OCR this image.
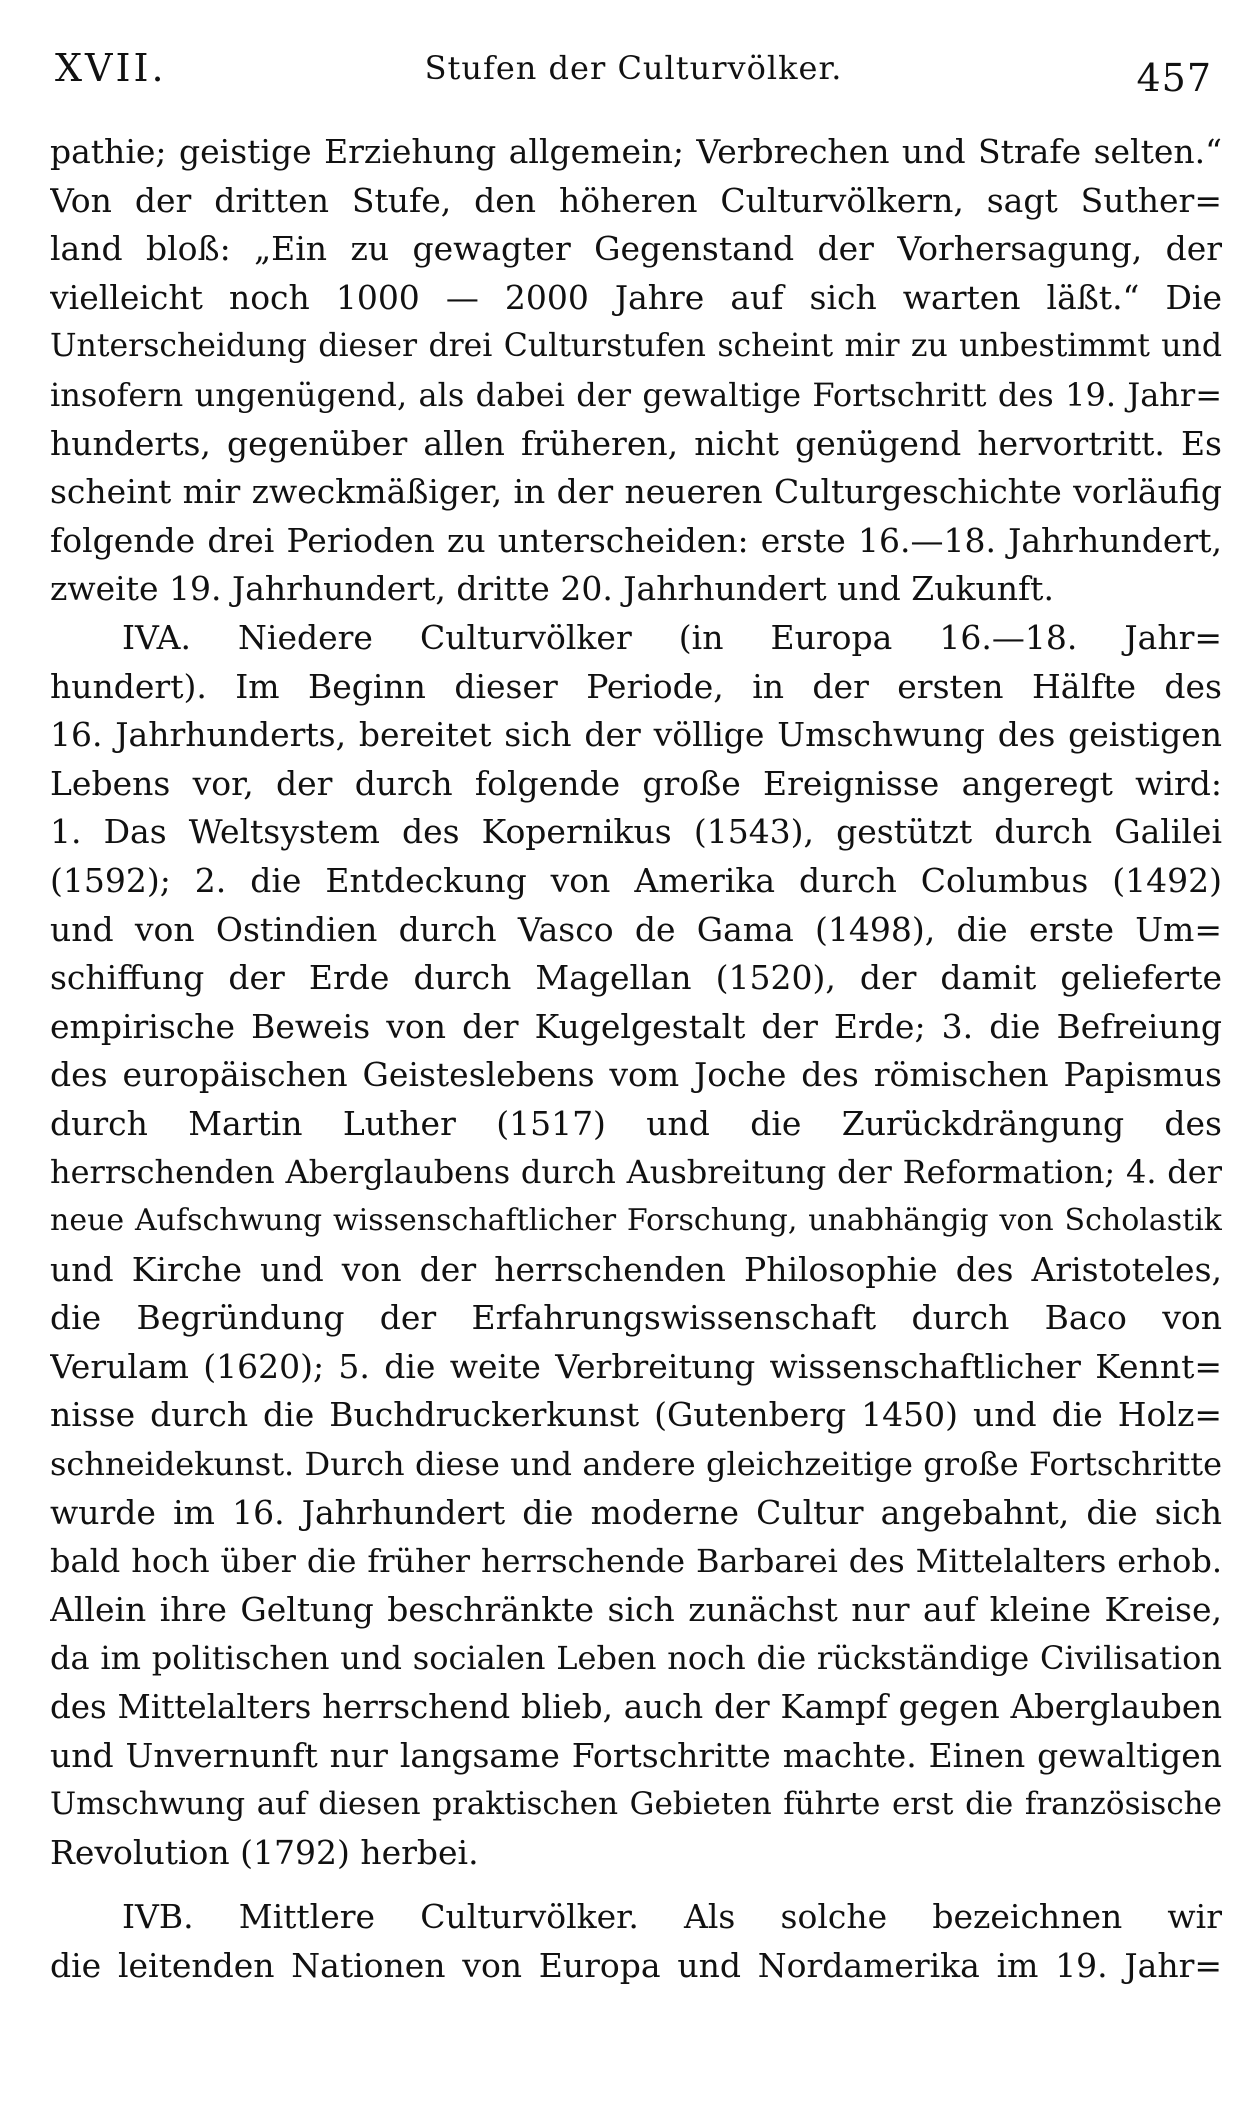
XVII.	Stufen der Culturvölker.	457
pathie; geistige Erziehung allgemein; Verbrechen und Strafe selten.“
Von der dritten Stufe, den höheren Culturvölkern, sagt Suther=
land bloß: „Ein zu gewagter Gegenstand der Vorhersagung, der
vielleicht noch 1000 — 2000 Jahre auf sich warten läßt.“ Die
Unterscheidung dieser drei Culturstufen scheint mir zu unbestimmt und
insofern ungenügend, als dabei der gewaltige Fortschritt des 19. Jahr=
hunderts, gegenüber allen früheren, nicht genügend hervortritt. Es
scheint mir zweckmäßiger, in der neueren Culturgeschichte vorläufig
folgende drei Perioden zu unterscheiden: erste 16.—18. Jahrhundert,
zweite 19. Jahrhundert, dritte 20. Jahrhundert und Zukunft.
IVA. Niedere Culturvölker (in Europa 16.—18. Jahr=
hundert). Im Beginn dieser Periode, in der ersten Hälfte des
16. Jahrhunderts, bereitet sich der völlige Umschwung des geistigen
Lebens vor, der durch folgende große Ereignisse angeregt wird:
1. Das Weltsystem des Kopernikus (1543), gestützt durch Galilei
(1592); 2. die Entdeckung von Amerika durch Columbus (1492)
und von Ostindien durch Vasco de Gama (1498), die erste Um=
schiffung der Erde durch Magellan (1520), der damit gelieferte
empirische Beweis von der Kugelgestalt der Erde; 3. die Befreiung
des europäischen Geisteslebens vom Joche des römischen Papismus
durch Martin Luther (1517) und die Zurückdrängung des
herrschenden Aberglaubens durch Ausbreitung der Reformation; 4. der
neue Aufschwung wissenschaftlicher Forschung, unabhängig von Scholastik
und Kirche und von der herrschenden Philosophie des Aristoteles,
die Begründung der Erfahrungswissenschaft durch Baco von
Verulam (1620); 5. die weite Verbreitung wissenschaftlicher Kennt=
nisse durch die Buchdruckerkunst (Gutenberg 1450) und die Holz=
schneidekunst. Durch diese und andere gleichzeitige große Fortschritte
wurde im 16. Jahrhundert die moderne Cultur angebahnt, die sich
bald hoch über die früher herrschende Barbarei des Mittelalters erhob.
Allein ihre Geltung beschränkte sich zunächst nur auf kleine Kreise,
da im politischen und socialen Leben noch die rückständige Civilisation
des Mittelalters herrschend blieb, auch der Kampf gegen Aberglauben
und Unvernunft nur langsame Fortschritte machte. Einen gewaltigen
Umschwung auf diesen praktischen Gebieten führte erst die französische
Revolution (1792) herbei.
IVB. Mittlere Culturvölker. Als solche bezeichnen wir
die leitenden Nationen von Europa und Nordamerika im 19. Jahr=
